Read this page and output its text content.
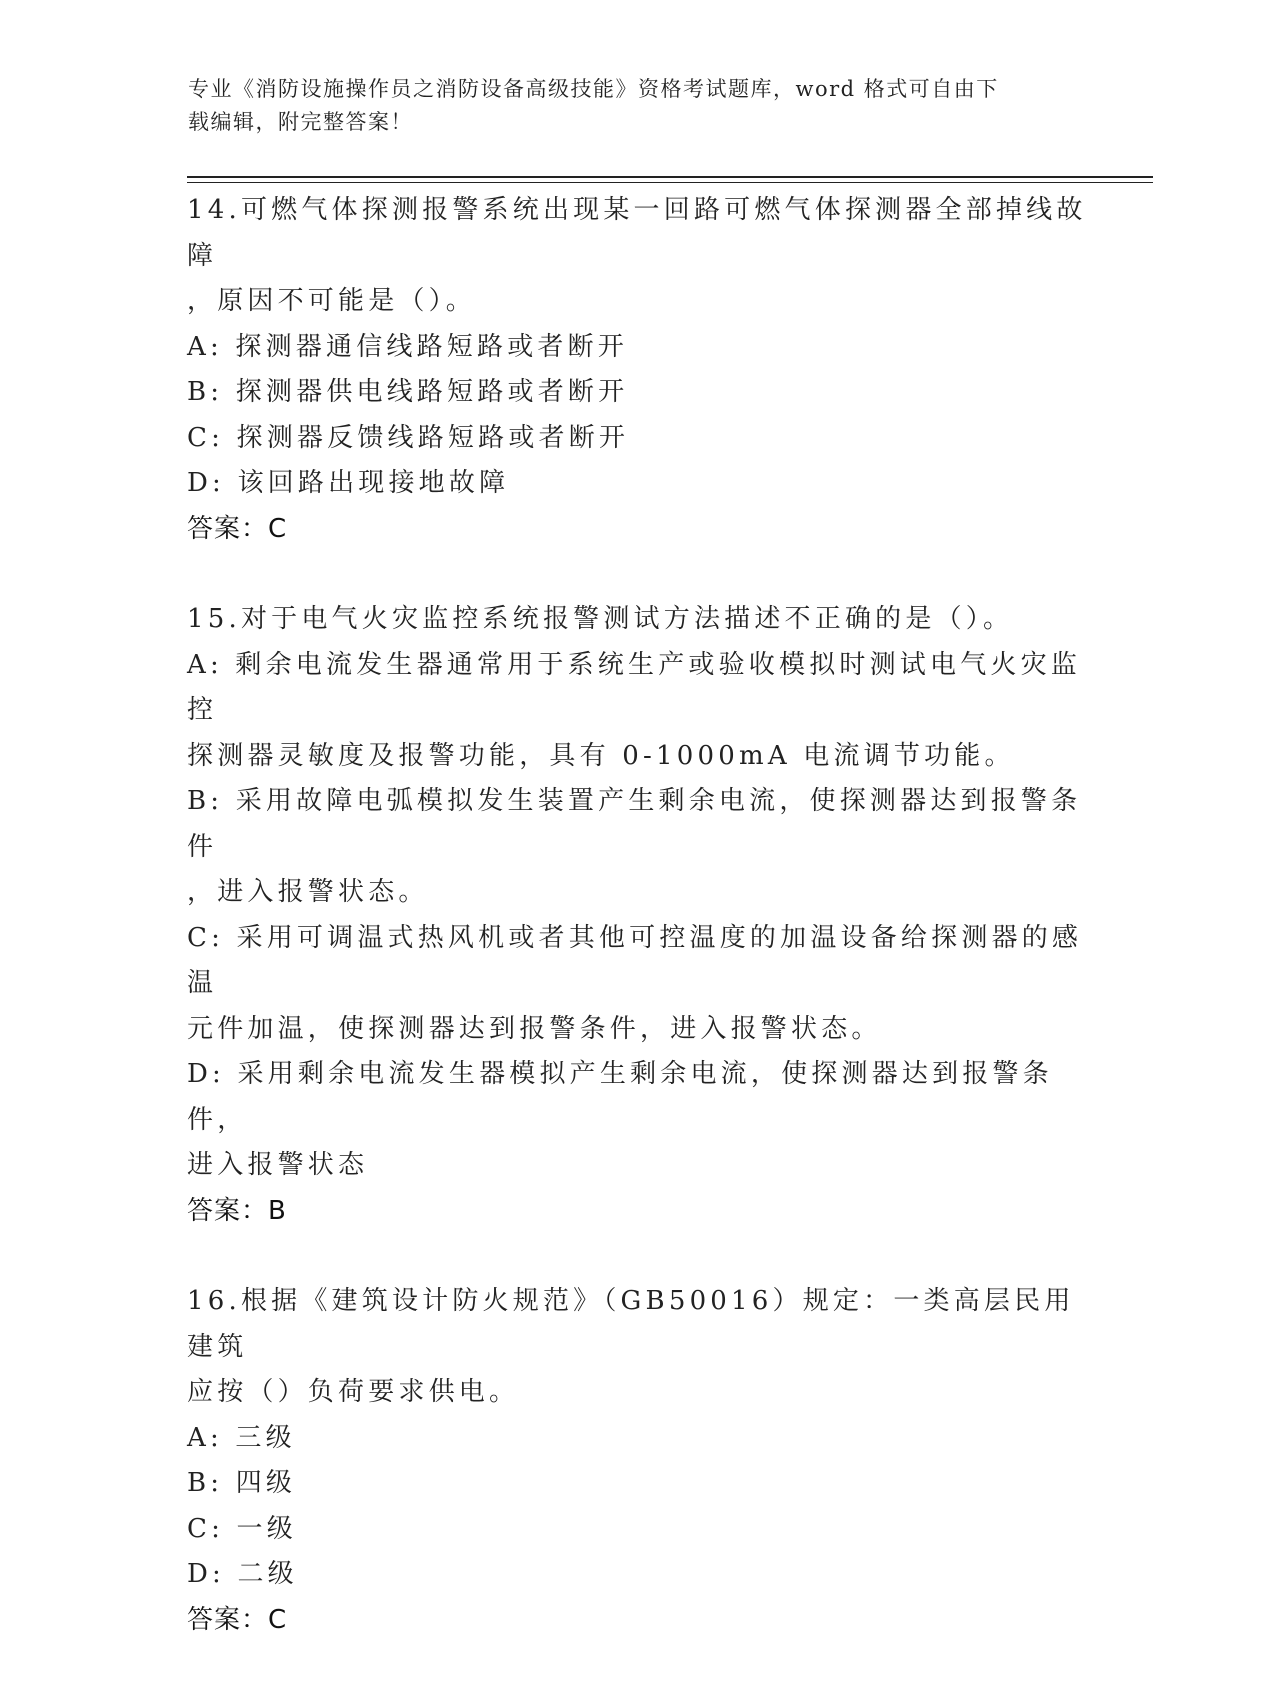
专业《消防设施操作员之消防设备高级技能》资格考试题库，word 格式可自由下
载编辑，附完整答案！
14.可燃气体探测报警系统出现某一回路可燃气体探测器全部掉线故障
，原因不可能是（）。
A: 探测器通信线路短路或者断开
B: 探测器供电线路短路或者断开
C: 探测器反馈线路短路或者断开
D: 该回路出现接地故障
答案：C
15.对于电气火灾监控系统报警测试方法描述不正确的是（）。
A: 剩余电流发生器通常用于系统生产或验收模拟时测试电气火灾监控
探测器灵敏度及报警功能，具有 0-1000mA 电流调节功能。
B: 采用故障电弧模拟发生装置产生剩余电流，使探测器达到报警条件
，进入报警状态。
C: 采用可调温式热风机或者其他可控温度的加温设备给探测器的感温
元件加温，使探测器达到报警条件，进入报警状态。
D: 采用剩余电流发生器模拟产生剩余电流，使探测器达到报警条件，
进入报警状态
答案：B
16.根据《建筑设计防火规范》（GB50016）规定：一类高层民用建筑
应按（）负荷要求供电。
A: 三级
B: 四级
C: 一级
D: 二级
答案：C
